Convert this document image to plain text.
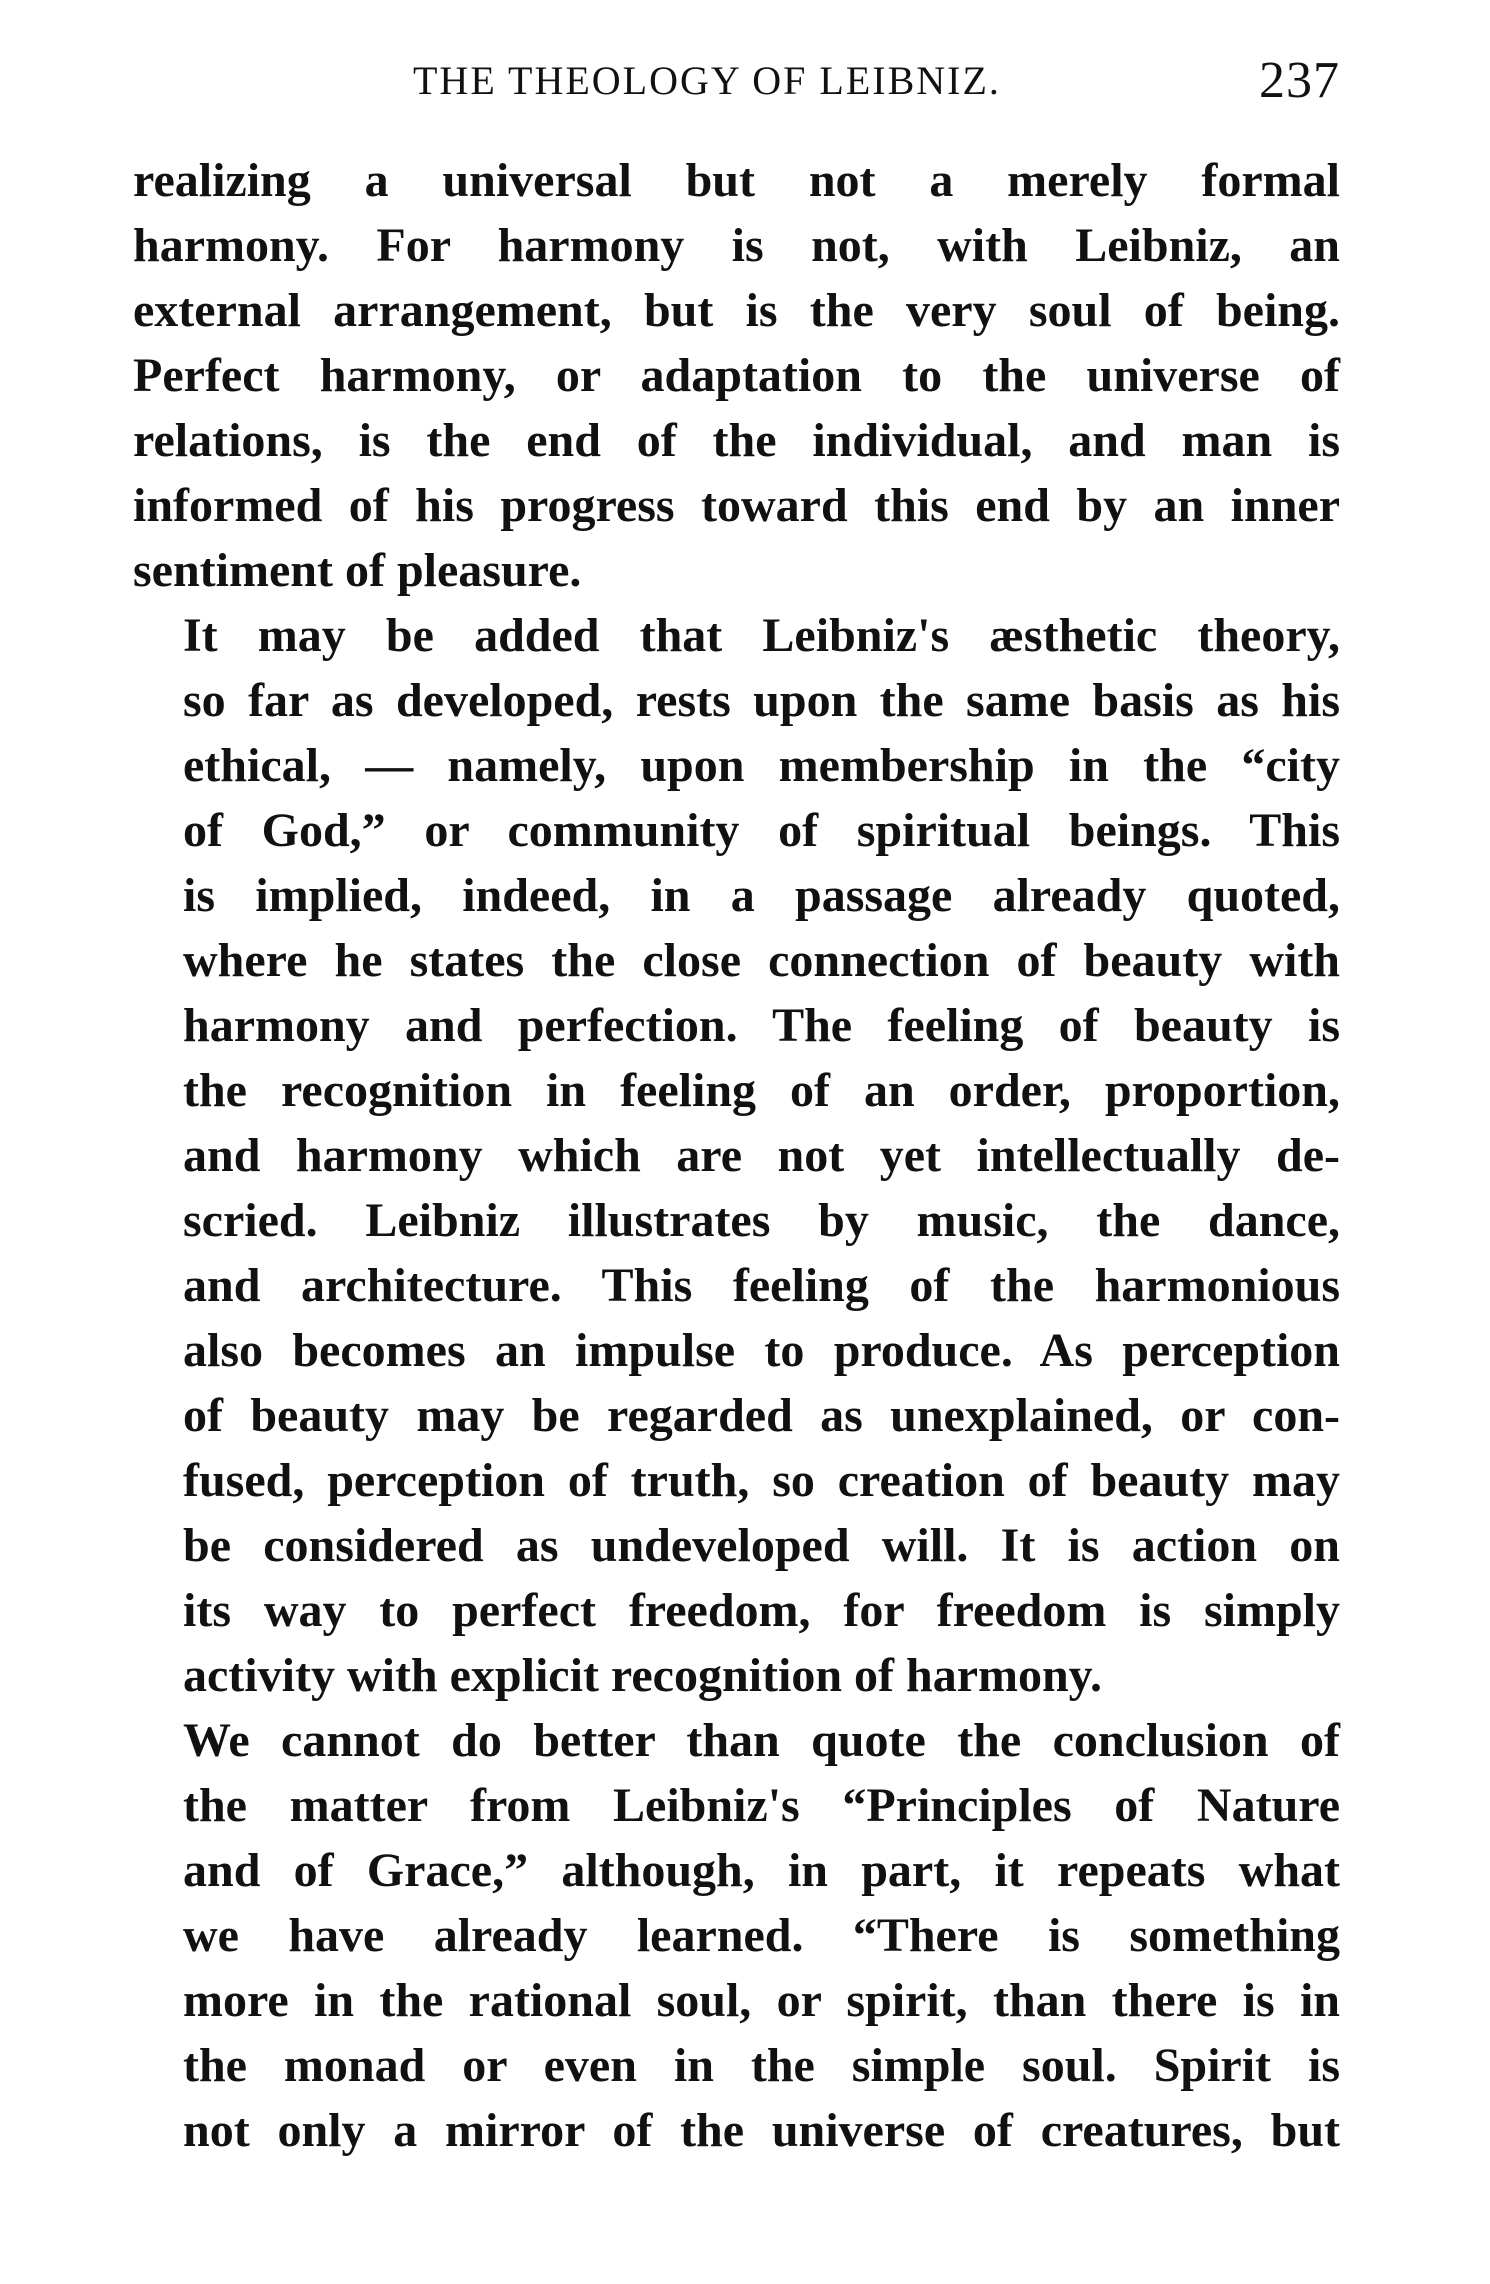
THE THEOLOGY OF LEIBNIZ.	237

realizing a universal but not a merely formal
harmony. For harmony is not, with Leibniz, an
external arrangement, but is the very soul of being.
Perfect harmony, or adaptation to the universe of
relations, is the end of the individual, and man is
informed of his progress toward this end by an inner
sentiment of pleasure.

It may be added that Leibniz's æsthetic theory,
so far as developed, rests upon the same basis as his
ethical, — namely, upon membership in the “city
of God,” or community of spiritual beings. This
is implied, indeed, in a passage already quoted,
where he states the close connection of beauty with
harmony and perfection. The feeling of beauty is
the recognition in feeling of an order, proportion,
and harmony which are not yet intellectually de-
scried. Leibniz illustrates by music, the dance,
and architecture. This feeling of the harmonious
also becomes an impulse to produce. As perception
of beauty may be regarded as unexplained, or con-
fused, perception of truth, so creation of beauty may
be considered as undeveloped will. It is action on
its way to perfect freedom, for freedom is simply
activity with explicit recognition of harmony.

We cannot do better than quote the conclusion of
the matter from Leibniz's “Principles of Nature
and of Grace,” although, in part, it repeats what
we have already learned. “There is something
more in the rational soul, or spirit, than there is in
the monad or even in the simple soul. Spirit is
not only a mirror of the universe of creatures, but
